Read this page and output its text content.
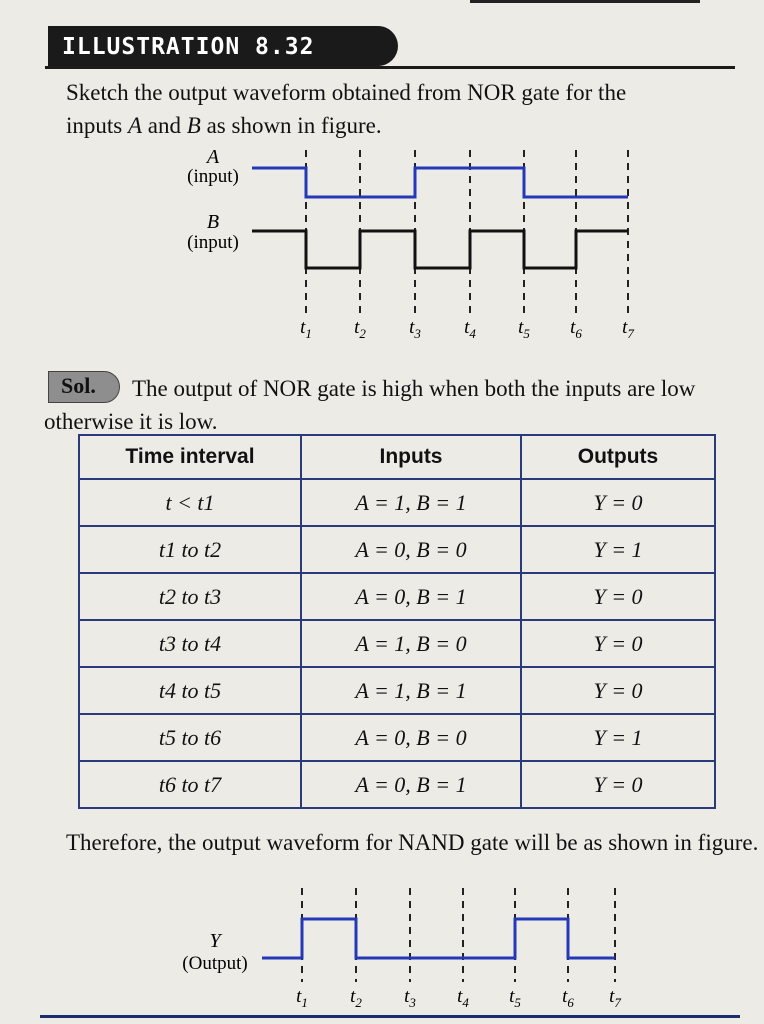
ILLUSTRATION 8.32
Sketch the output waveform obtained from NOR gate for the
inputs A and B as shown in figure.
A
(input)
B
(input)
$t_1$ $t_2$ $t_3$ $t_4$ $t_5$ $t_6$ $t_7$
Sol.	The output of NOR gate is high when both the inputs are low otherwise it is low.
Time interval	Inputs	Outputs
t < t1	A = 1, B = 1	Y = 0
t1 to t2	A = 0, B = 0	Y = 1
t2 to t3	A = 0, B = 1	Y = 0
t3 to t4	A = 1, B = 0	Y = 0
t4 to t5	A = 1, B = 1	Y = 0
t5 to t6	A = 0, B = 0	Y = 1
t6 to t7	A = 0, B = 1	Y = 0
Therefore, the output waveform for NAND gate will be as shown in figure.
Y
(Output)
$t_1$ $t_2$ $t_3$ $t_4$ $t_5$ $t_6$ $t_7$
